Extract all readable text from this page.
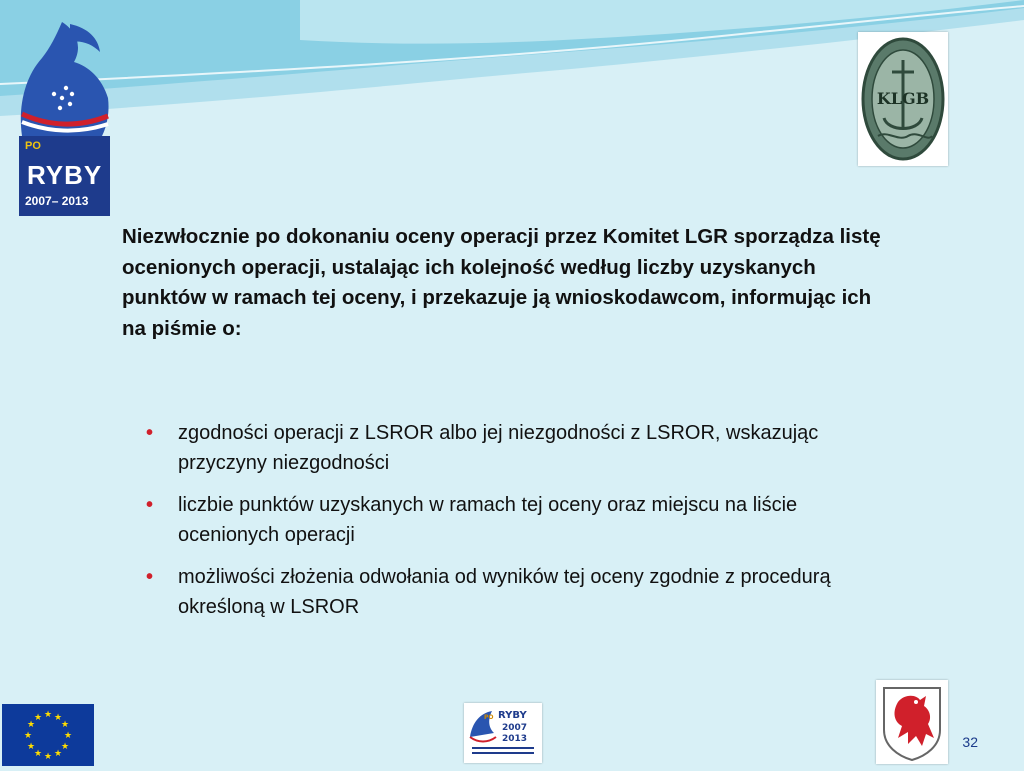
PO
RYBY
2007– 2013
KLGB

Niezwłocznie po dokonaniu oceny operacji przez Komitet LGR sporządza listę ocenionych operacji, ustalając ich kolejność według liczby uzyskanych punktów w ramach tej oceny, i przekazuje ją wnioskodawcom, informując ich na piśmie o:

• zgodności operacji z LSROR albo jej niezgodności z LSROR, wskazując przyczyny niezgodności
• liczbie punktów uzyskanych w ramach tej oceny oraz miejscu na liście ocenionych operacji
• możliwości złożenia odwołania od wyników tej oceny zgodnie z procedurą określoną w LSROR
★ ★
★
★
★
★
★
★
★
★
★
★	PO RYBY
2007
2013	32
